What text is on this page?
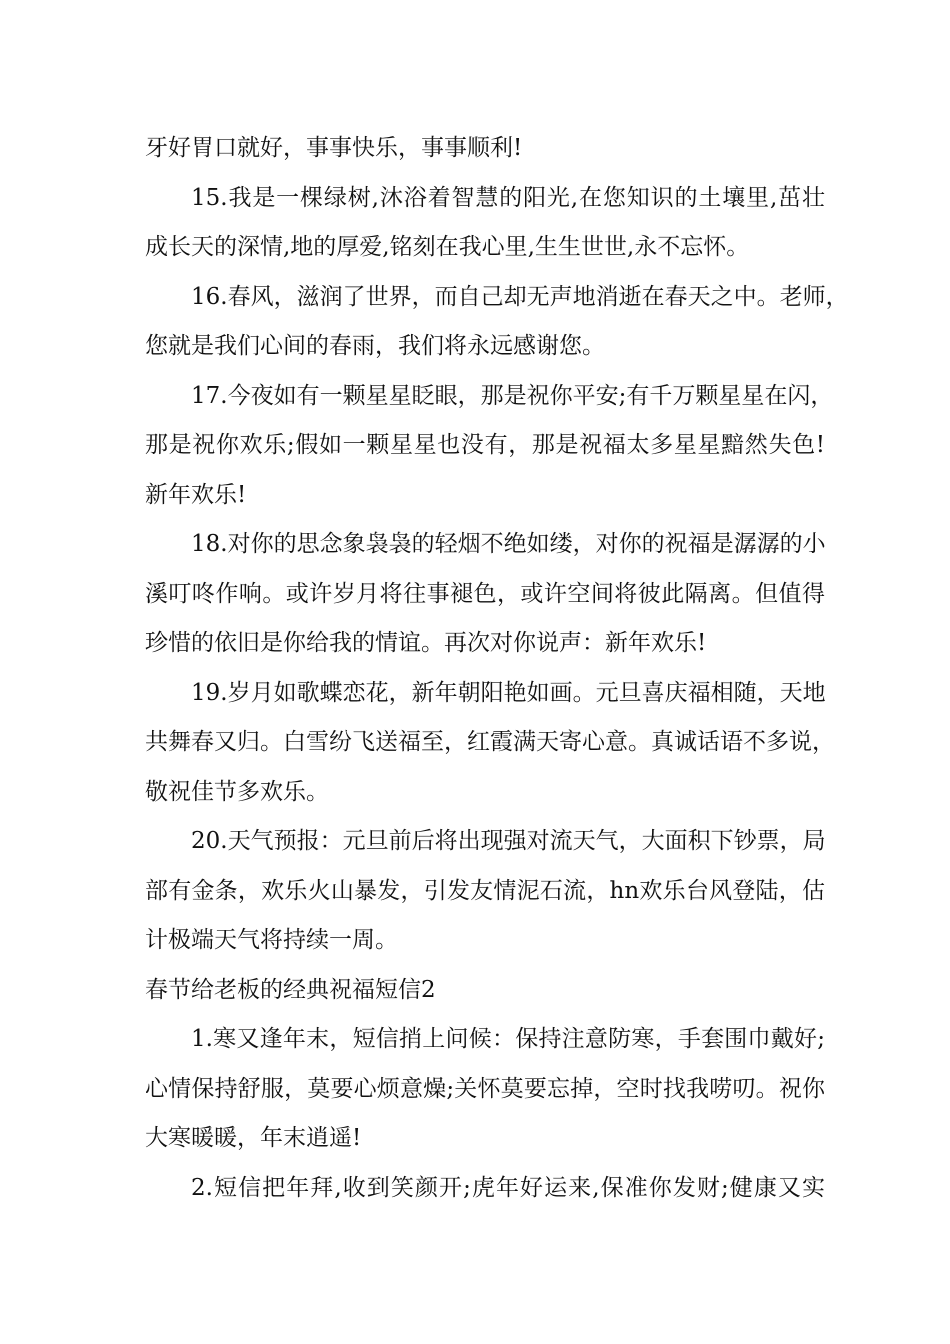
牙好胃口就好，事事快乐，事事顺利!
15.我是一棵绿树,沐浴着智慧的阳光,在您知识的土壤里,茁壮
成长天的深情,地的厚爱,铭刻在我心里,生生世世,永不忘怀。
16.春风，滋润了世界，而自己却无声地消逝在春天之中。老师，
您就是我们心间的春雨，我们将永远感谢您。
17.今夜如有一颗星星眨眼，那是祝你平安;有千万颗星星在闪，
那是祝你欢乐;假如一颗星星也没有，那是祝福太多星星黯然失色!
新年欢乐!
18.对你的思念象袅袅的轻烟不绝如缕，对你的祝福是潺潺的小
溪叮咚作响。或许岁月将往事褪色，或许空间将彼此隔离。但值得
珍惜的依旧是你给我的情谊。再次对你说声：新年欢乐!
19.岁月如歌蝶恋花，新年朝阳艳如画。元旦喜庆福相随，天地
共舞春又归。白雪纷飞送福至，红霞满天寄心意。真诚话语不多说，
敬祝佳节多欢乐。
20.天气预报：元旦前后将出现强对流天气，大面积下钞票，局
部有金条，欢乐火山暴发，引发友情泥石流，hn欢乐台风登陆，估
计极端天气将持续一周。
春节给老板的经典祝福短信2
1.寒又逢年末，短信捎上问候：保持注意防寒，手套围巾戴好;
心情保持舒服，莫要心烦意燥;关怀莫要忘掉，空时找我唠叨。祝你
大寒暖暖，年末逍遥!
2.短信把年拜,收到笑颜开;虎年好运来,保准你发财;健康又实
